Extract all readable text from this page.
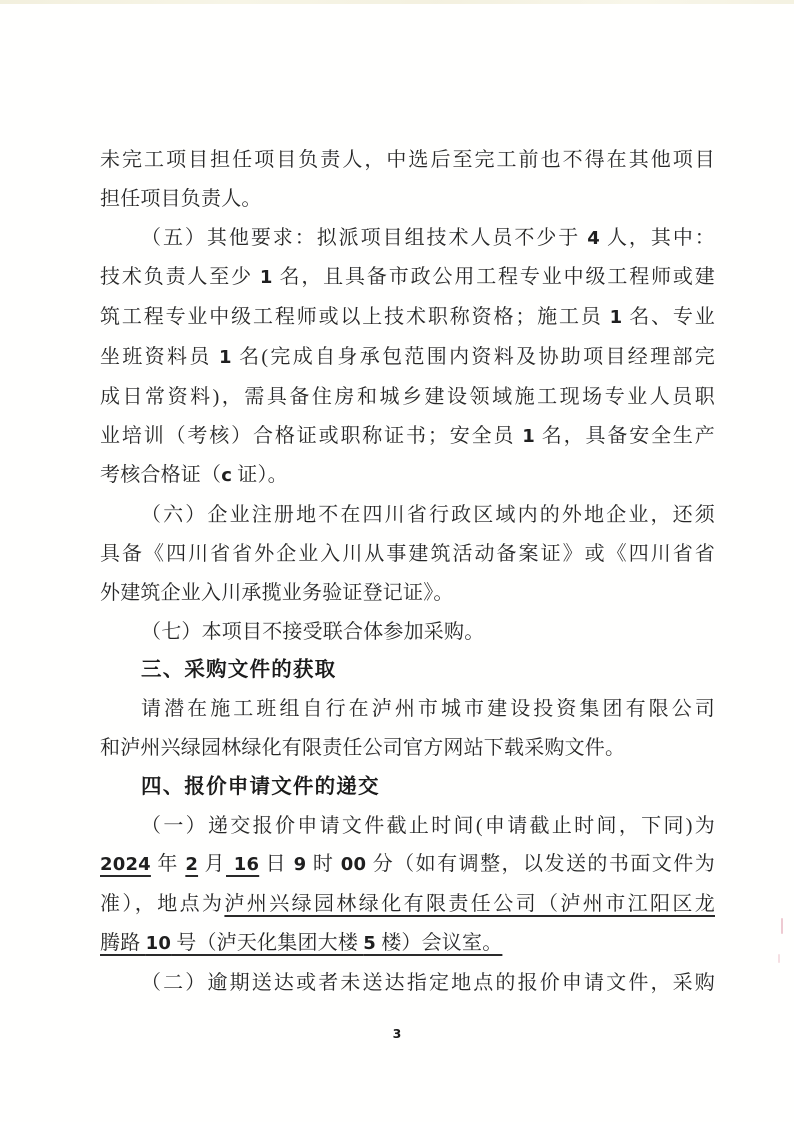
未完工项目担任项目负责人，中选后至完工前也不得在其他项目
担任项目负责人。
（五）其他要求：拟派项目组技术人员不少于 4 人，其中：
技术负责人至少 1 名，且具备市政公用工程专业中级工程师或建
筑工程专业中级工程师或以上技术职称资格；施工员 1 名、专业
坐班资料员 1 名(完成自身承包范围内资料及协助项目经理部完
成日常资料)，需具备住房和城乡建设领域施工现场专业人员职
业培训（考核）合格证或职称证书；安全员 1 名，具备安全生产
考核合格证（c 证）。
（六）企业注册地不在四川省行政区域内的外地企业，还须
具备《四川省省外企业入川从事建筑活动备案证》或《四川省省
外建筑企业入川承揽业务验证登记证》。
（七）本项目不接受联合体参加采购。
三、采购文件的获取
请潜在施工班组自行在泸州市城市建设投资集团有限公司
和泸州兴绿园林绿化有限责任公司官方网站下载采购文件。
四、报价申请文件的递交
（一）递交报价申请文件截止时间(申请截止时间，下同)为
2024 年 2 月 16 日 9 时 00 分（如有调整，以发送的书面文件为
准），地点为泸州兴绿园林绿化有限责任公司（泸州市江阳区龙
腾路 10 号（泸天化集团大楼 5 楼）会议室。
（二）逾期送达或者未送达指定地点的报价申请文件，采购
3
